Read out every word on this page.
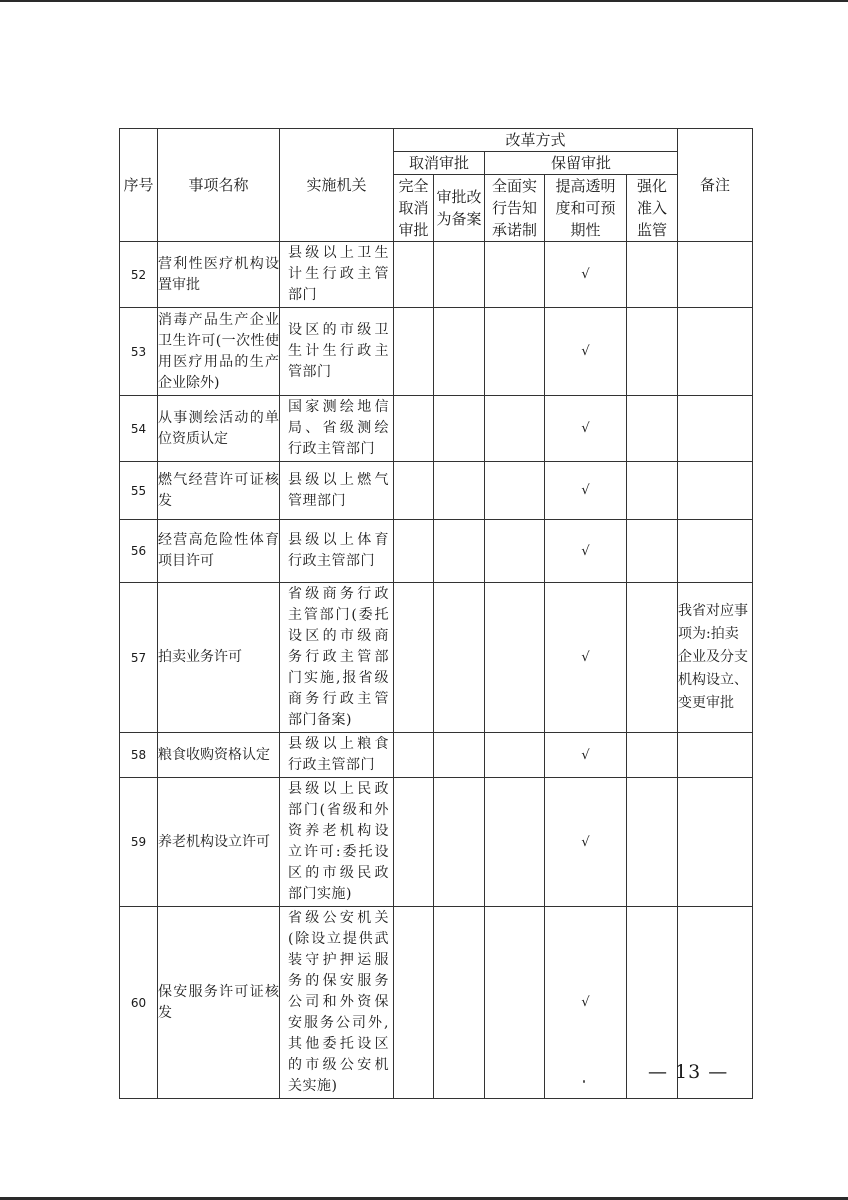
序号	事项名称	实施机关	改革方式					备注
			取消审批		保留审批			
			完全取消审批	审批改为备案	全面实行告知承诺制	提高透明度和可预期性	强化准入监管	
52	营利性医疗机构设置审批	县级以上卫生计生行政主管部门				√		
53	消毒产品生产企业卫生许可(一次性使用医疗用品的生产企业除外)	设区的市级卫生计生行政主管部门				√		
54	从事测绘活动的单位资质认定	国家测绘地信局、省级测绘行政主管部门				√		
55	燃气经营许可证核发	县级以上燃气管理部门				√		
56	经营高危险性体育项目许可	县级以上体育行政主管部门				√		
57	拍卖业务许可	省级商务行政主管部门(委托设区的市级商务行政主管部门实施,报省级商务行政主管部门备案)				√		我省对应事项为:拍卖企业及分支机构设立、变更审批
58	粮食收购资格认定	县级以上粮食行政主管部门				√		
59	养老机构设立许可	县级以上民政部门(省级和外资养老机构设立许可:委托设区的市级民政部门实施)				√		
60	保安服务许可证核发	省级公安机关(除设立提供武装守护押运服务的保安服务公司和外资保安服务公司外,其他委托设区的市级公安机关实施)				√		
— 13 —
